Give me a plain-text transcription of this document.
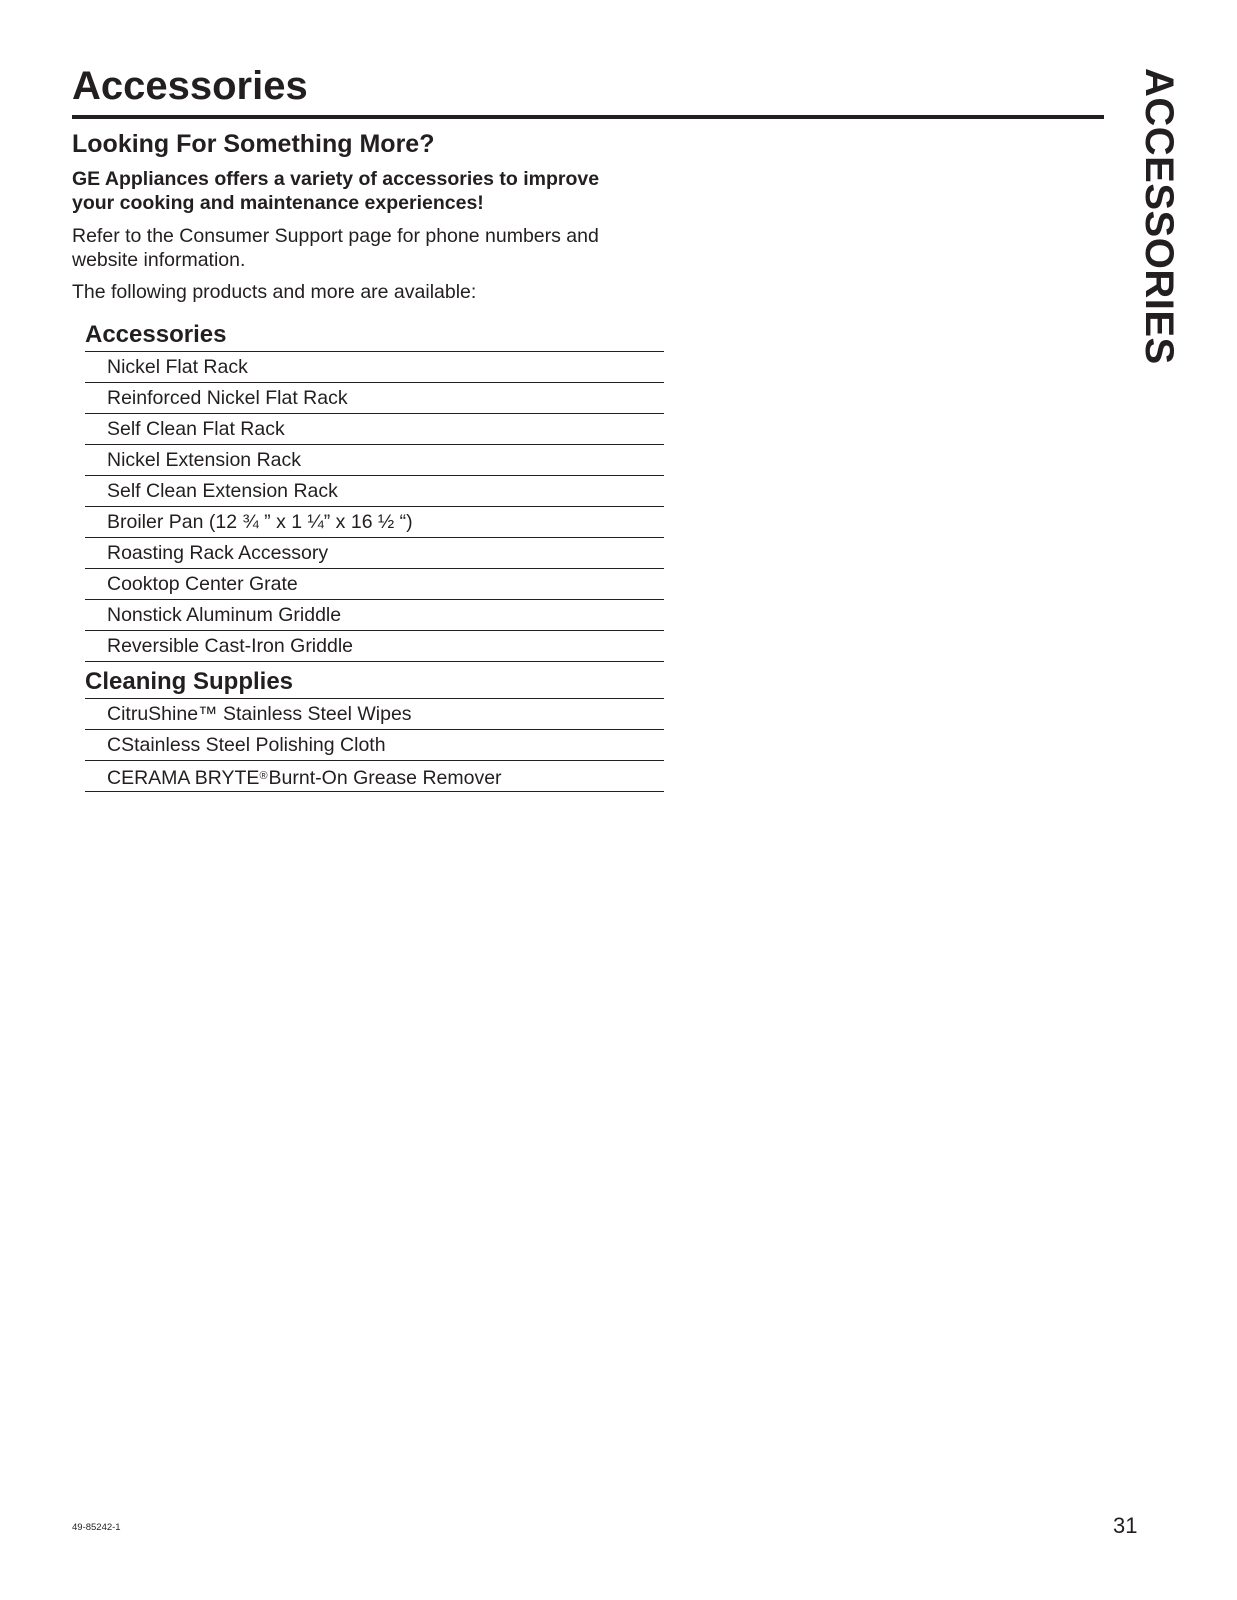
Accessories	ACCESSORIES
Looking For Something More?

GE Appliances offers a variety of accessories to improve your cooking and maintenance experiences!

Refer to the Consumer Support page for phone numbers and website information.

The following products and more are available:

Accessories
Nickel Flat Rack
Reinforced Nickel Flat Rack
Self Clean Flat Rack
Nickel Extension Rack
Self Clean Extension Rack
Broiler Pan (12 ¾ ” x 1 ¼” x 16 ½ “)
Roasting Rack Accessory
Cooktop Center Grate
Nonstick Aluminum Griddle
Reversible Cast-Iron Griddle
Cleaning Supplies
CitruShine™ Stainless Steel Wipes
CStainless Steel Polishing Cloth
CERAMA BRYTE®Burnt-On Grease Remover
49-85242-1	31
